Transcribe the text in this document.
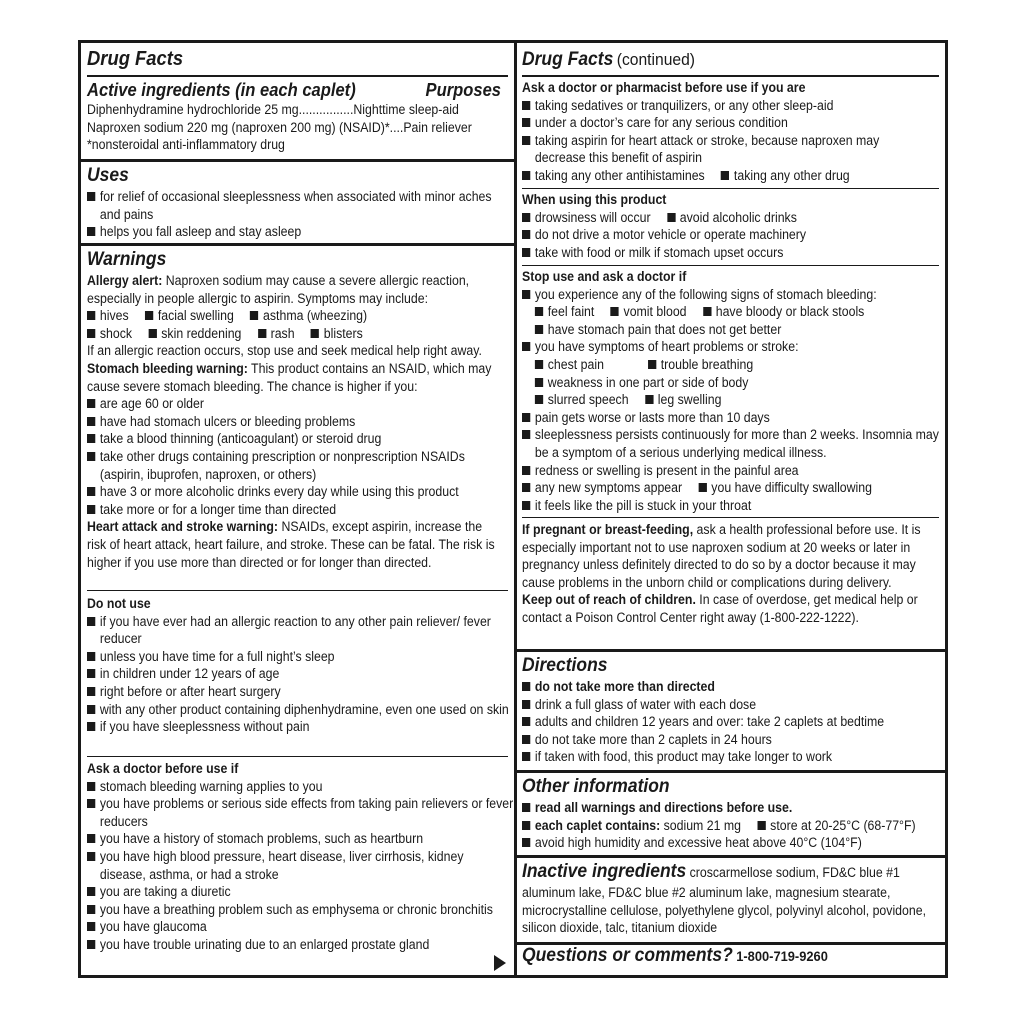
Drug Facts
Active ingredients (in each caplet)	Purposes
Diphenhydramine hydrochloride 25 mg................Nighttime sleep-aid
Naproxen sodium 220 mg (naproxen 200 mg) (NSAID)*....Pain reliever
*nonsteroidal anti-inflammatory drug
Uses
for relief of occasional sleeplessness when associated with minor aches and pains
helps you fall asleep and stay asleep
Warnings
Allergy alert: Naproxen sodium may cause a severe allergic reaction, especially in people allergic to aspirin. Symptoms may include:
hives facial swelling asthma (wheezing)
shock skin reddening rash blisters
If an allergic reaction occurs, stop use and seek medical help right away.
Stomach bleeding warning: This product contains an NSAID, which may cause severe stomach bleeding. The chance is higher if you:
are age 60 or older
have had stomach ulcers or bleeding problems
take a blood thinning (anticoagulant) or steroid drug
take other drugs containing prescription or nonprescription NSAIDs (aspirin, ibuprofen, naproxen, or others)
have 3 or more alcoholic drinks every day while using this product
take more or for a longer time than directed
Heart attack and stroke warning: NSAIDs, except aspirin, increase the risk of heart attack, heart failure, and stroke. These can be fatal. The risk is higher if you use more than directed or for longer than directed.
Do not use
if you have ever had an allergic reaction to any other pain reliever/ fever reducer
unless you have time for a full night’s sleep
in children under 12 years of age
right before or after heart surgery
with any other product containing diphenhydramine, even one used on skin
if you have sleeplessness without pain
Ask a doctor before use if
stomach bleeding warning applies to you
you have problems or serious side effects from taking pain relievers or fever reducers
you have a history of stomach problems, such as heartburn
you have high blood pressure, heart disease, liver cirrhosis, kidney disease, asthma, or had a stroke
you are taking a diuretic
you have a breathing problem such as emphysema or chronic bronchitis
you have glaucoma
you have trouble urinating due to an enlarged prostate gland
Drug Facts (continued)
Ask a doctor or pharmacist before use if you are
taking sedatives or tranquilizers, or any other sleep-aid
under a doctor’s care for any serious condition
taking aspirin for heart attack or stroke, because naproxen may decrease this benefit of aspirin
taking any other antihistamines taking any other drug
When using this product
drowsiness will occur avoid alcoholic drinks
do not drive a motor vehicle or operate machinery
take with food or milk if stomach upset occurs
Stop use and ask a doctor if
you experience any of the following signs of stomach bleeding:
feel faint vomit blood have bloody or black stools
have stomach pain that does not get better
you have symptoms of heart problems or stroke:
chest pain	trouble breathing
weakness in one part or side of body
slurred speech leg swelling
pain gets worse or lasts more than 10 days
sleeplessness persists continuously for more than 2 weeks. Insomnia may be a symptom of a serious underlying medical illness.
redness or swelling is present in the painful area
any new symptoms appear you have difficulty swallowing
it feels like the pill is stuck in your throat
If pregnant or breast-feeding, ask a health professional before use. It is especially important not to use naproxen sodium at 20 weeks or later in pregnancy unless definitely directed to do so by a doctor because it may cause problems in the unborn child or complications during delivery.
Keep out of reach of children. In case of overdose, get medical help or contact a Poison Control Center right away (1-800-222-1222).
Directions
do not take more than directed
drink a full glass of water with each dose
adults and children 12 years and over: take 2 caplets at bedtime
do not take more than 2 caplets in 24 hours
if taken with food, this product may take longer to work
Other information
read all warnings and directions before use.
each caplet contains: sodium 21 mg store at 20-25°C (68-77°F)
avoid high humidity and excessive heat above 40°C (104°F)
Inactive ingredients croscarmellose sodium, FD&C blue #1 aluminum lake, FD&C blue #2 aluminum lake, magnesium stearate, microcrystalline cellulose, polyethylene glycol, polyvinyl alcohol, povidone, silicon dioxide, talc, titanium dioxide
Questions or comments? 1-800-719-9260
